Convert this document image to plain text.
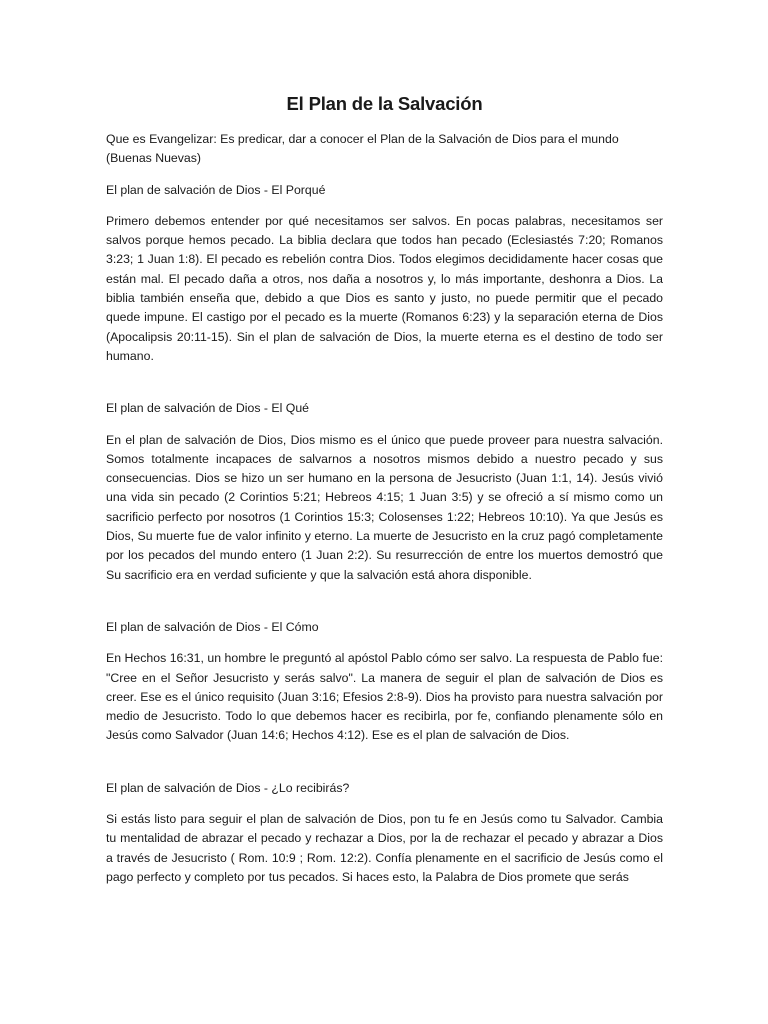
El Plan de la Salvación

Que es Evangelizar: Es predicar, dar a conocer el Plan de la Salvación de Dios para el mundo (Buenas Nuevas)

El plan de salvación de Dios - El Porqué

Primero debemos entender por qué necesitamos ser salvos. En pocas palabras, necesitamos ser salvos porque hemos pecado. La biblia declara que todos han pecado (Eclesiastés 7:20; Romanos 3:23; 1 Juan 1:8). El pecado es rebelión contra Dios. Todos elegimos decididamente hacer cosas que están mal. El pecado daña a otros, nos daña a nosotros y, lo más importante, deshonra a Dios. La biblia también enseña que, debido a que Dios es santo y justo, no puede permitir que el pecado quede impune. El castigo por el pecado es la muerte (Romanos 6:23) y la separación eterna de Dios (Apocalipsis 20:11-15). Sin el plan de salvación de Dios, la muerte eterna es el destino de todo ser humano.

El plan de salvación de Dios - El Qué

En el plan de salvación de Dios, Dios mismo es el único que puede proveer para nuestra salvación. Somos totalmente incapaces de salvarnos a nosotros mismos debido a nuestro pecado y sus consecuencias. Dios se hizo un ser humano en la persona de Jesucristo (Juan 1:1, 14). Jesús vivió una vida sin pecado (2 Corintios 5:21; Hebreos 4:15; 1 Juan 3:5) y se ofreció a sí mismo como un sacrificio perfecto por nosotros (1 Corintios 15:3; Colosenses 1:22; Hebreos 10:10). Ya que Jesús es Dios, Su muerte fue de valor infinito y eterno. La muerte de Jesucristo en la cruz pagó completamente por los pecados del mundo entero (1 Juan 2:2). Su resurrección de entre los muertos demostró que Su sacrificio era en verdad suficiente y que la salvación está ahora disponible.

El plan de salvación de Dios - El Cómo

En Hechos 16:31, un hombre le preguntó al apóstol Pablo cómo ser salvo. La respuesta de Pablo fue: "Cree en el Señor Jesucristo y serás salvo". La manera de seguir el plan de salvación de Dios es creer. Ese es el único requisito (Juan 3:16; Efesios 2:8-9). Dios ha provisto para nuestra salvación por medio de Jesucristo. Todo lo que debemos hacer es recibirla, por fe, confiando plenamente sólo en Jesús como Salvador (Juan 14:6; Hechos 4:12). Ese es el plan de salvación de Dios.

El plan de salvación de Dios - ¿Lo recibirás?

Si estás listo para seguir el plan de salvación de Dios, pon tu fe en Jesús como tu Salvador. Cambia tu mentalidad de abrazar el pecado y rechazar a Dios, por la de rechazar el pecado y abrazar a Dios a través de Jesucristo ( Rom. 10:9 ; Rom. 12:2). Confía plenamente en el sacrificio de Jesús como el pago perfecto y completo por tus pecados. Si haces esto, la Palabra de Dios promete que serás
